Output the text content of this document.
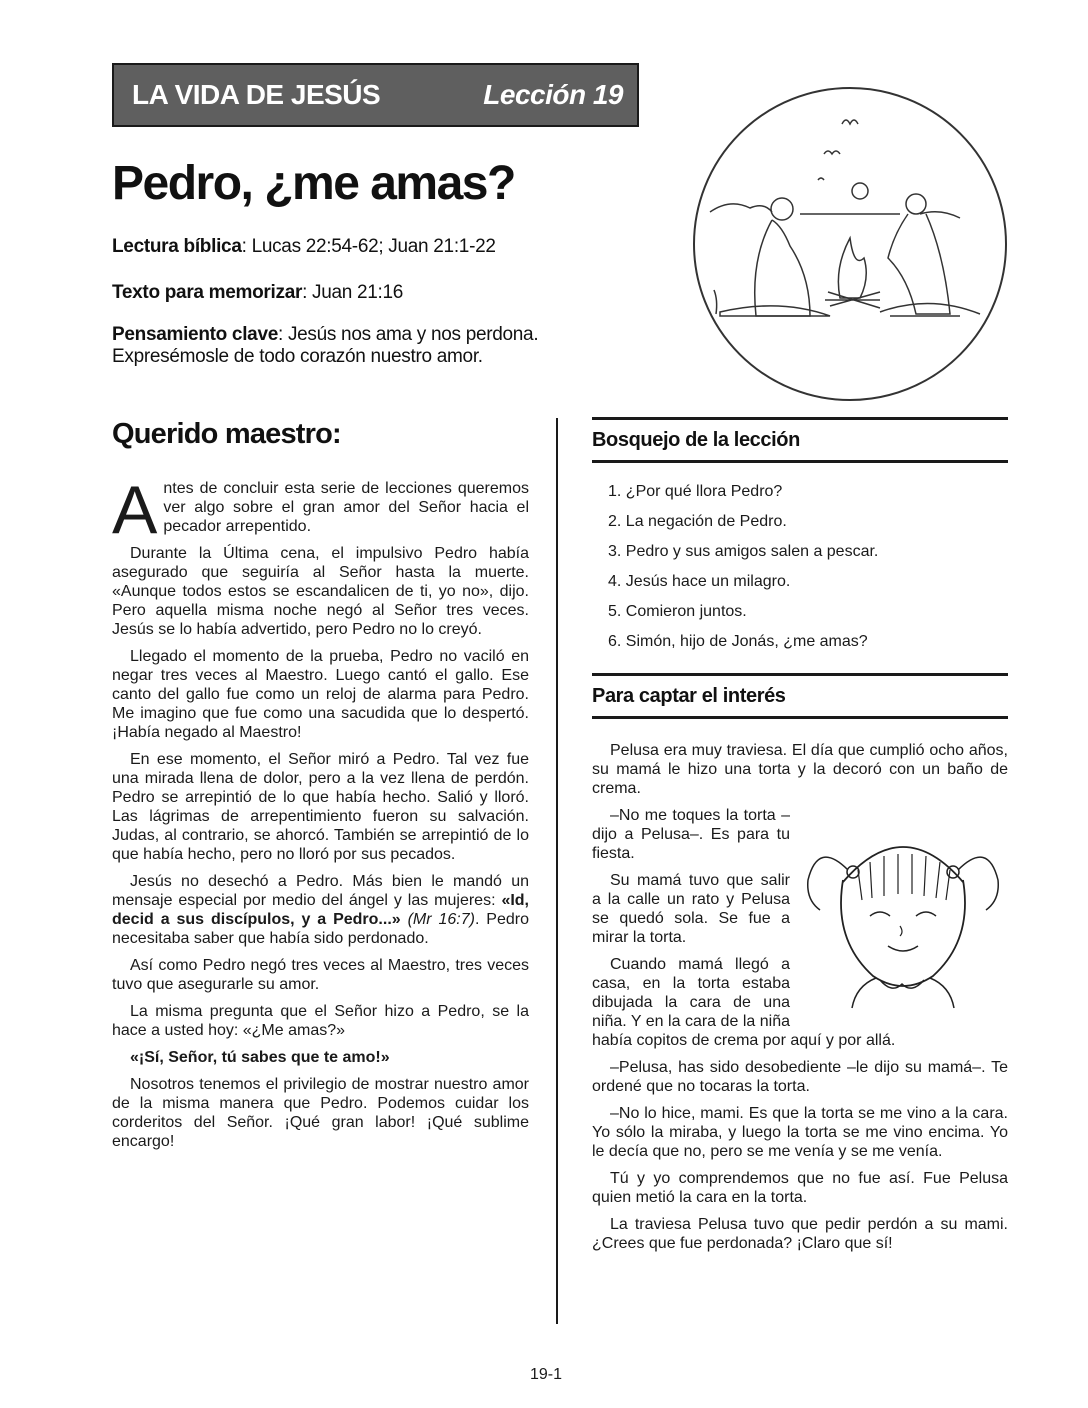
LA VIDA DE JESÚS	Lección 19
Pedro, ¿me amas?
Lectura bíblica: Lucas 22:54-62; Juan 21:1-22
Texto para memorizar: Juan 21:16
Pensamiento clave: Jesús nos ama y nos perdona.
Expresémosle de todo corazón nuestro amor.
Querido maestro:

Antes de concluir esta serie de lecciones queremos ver algo sobre el gran amor del Señor hacia el pecador arrepentido.

Durante la Última cena, el impulsivo Pedro había asegurado que seguiría al Señor hasta la muerte. «Aunque todos estos se escandalicen de ti, yo no», dijo. Pero aquella misma noche negó al Señor tres veces. Jesús se lo había advertido, pero Pedro no lo creyó.

Llegado el momento de la prueba, Pedro no vaciló en negar tres veces al Maestro. Luego cantó el gallo. Ese canto del gallo fue como un reloj de alarma para Pedro. Me imagino que fue como una sacudida que lo despertó. ¡Había negado al Maestro!

En ese momento, el Señor miró a Pedro. Tal vez fue una mirada llena de dolor, pero a la vez llena de perdón. Pedro se arrepintió de lo que había hecho. Salió y lloró. Las lágrimas de arrepentimiento fueron su salvación. Judas, al contrario, se ahorcó. También se arrepintió de lo que había hecho, pero no lloró por sus pecados.

Jesús no desechó a Pedro. Más bien le mandó un mensaje especial por medio del ángel y las mujeres: «Id, decid a sus discípulos, y a Pedro...» (Mr 16:7). Pedro necesitaba saber que había sido perdonado.

Así como Pedro negó tres veces al Maestro, tres veces tuvo que asegurarle su amor.

La misma pregunta que el Señor hizo a Pedro, se la hace a usted hoy: «¿Me amas?»

«¡Sí, Señor, tú sabes que te amo!»

Nosotros tenemos el privilegio de mostrar nuestro amor de la misma manera que Pedro. Podemos cuidar los corderitos del Señor. ¡Qué gran labor! ¡Qué sublime encargo!

Bosquejo de la lección
1. ¿Por qué llora Pedro?
2. La negación de Pedro.
3. Pedro y sus amigos salen a pescar.
4. Jesús hace un milagro.
5. Comieron juntos.
6. Simón, hijo de Jonás, ¿me amas?
Para captar el interés

Pelusa era muy traviesa. El día que cumplió ocho años, su mamá le hizo una torta y la decoró con un baño de crema.

–No me toques la torta –dijo a Pelusa–. Es para tu fiesta.

Su mamá tuvo que salir a la calle un rato y Pelusa se quedó sola. Se fue a mirar la torta.

Cuando mamá llegó a casa, en la torta estaba dibujada la cara de una niña. Y en la cara de la niña había copitos de crema por aquí y por allá.

–Pelusa, has sido desobediente –le dijo su mamá–. Te ordené que no tocaras la torta.

–No lo hice, mami. Es que la torta se me vino a la cara. Yo sólo la miraba, y luego la torta se me vino encima. Yo le decía que no, pero se me venía y se me venía.

Tú y yo comprendemos que no fue así. Fue Pelusa quien metió la cara en la torta.

La traviesa Pelusa tuvo que pedir perdón a su mami. ¿Crees que fue perdonada? ¡Claro que sí!

19-1
